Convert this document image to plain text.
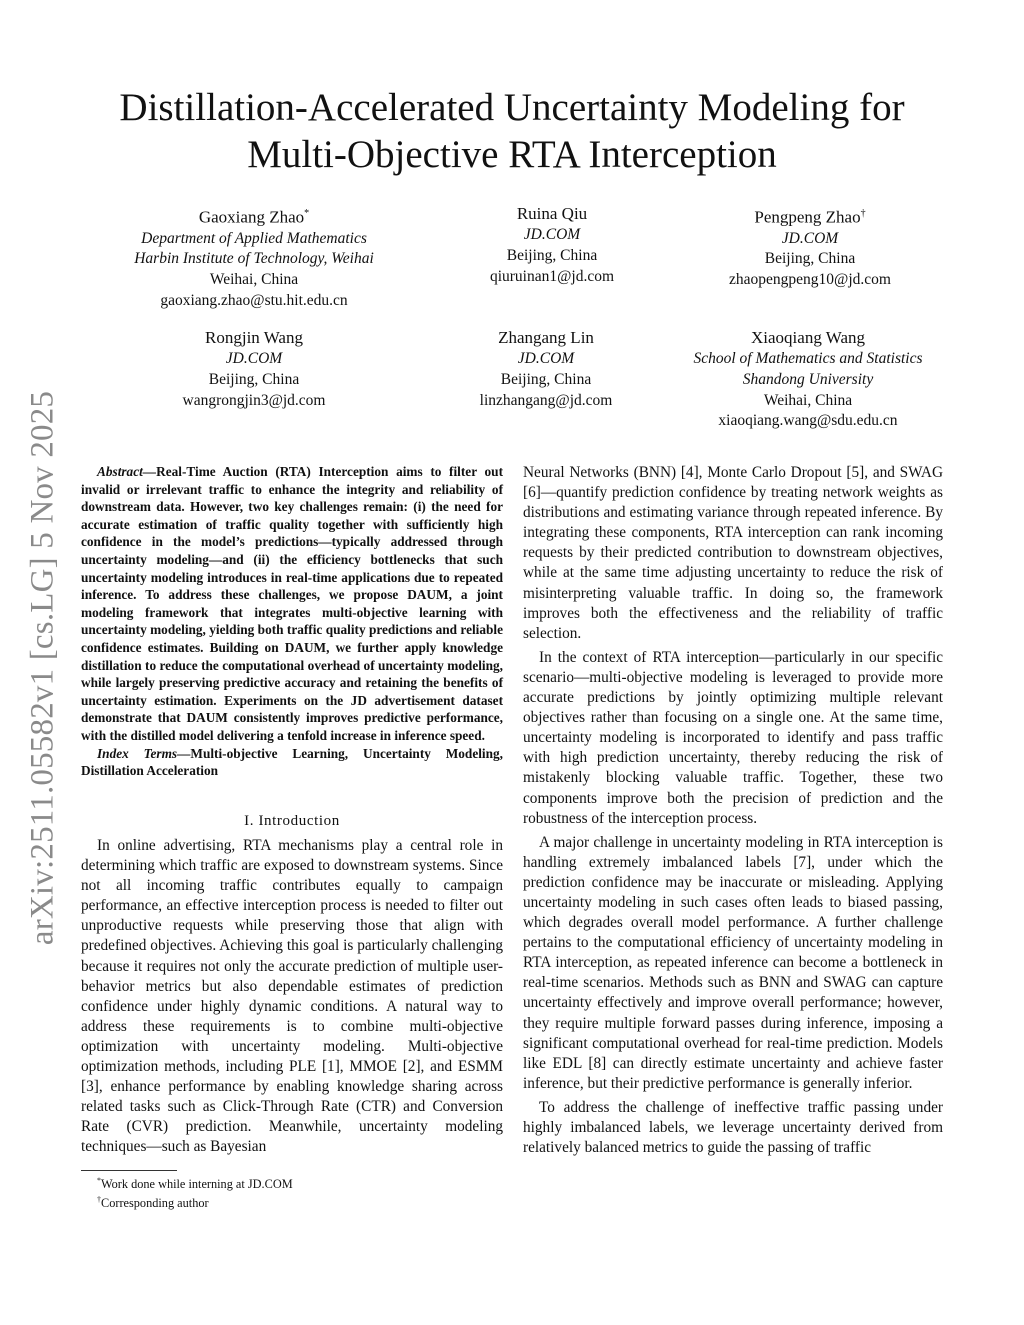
arXiv:2511.05582v1 [cs.LG] 5 Nov 2025
Distillation-Accelerated Uncertainty Modeling for
Multi-Objective RTA Interception
Gaoxiang Zhao*
Department of Applied Mathematics
Harbin Institute of Technology, Weihai
Weihai, China
gaoxiang.zhao@stu.hit.edu.cn
Ruina Qiu
JD.COM
Beijing, China
qiuruinan1@jd.com
Pengpeng Zhao†
JD.COM
Beijing, China
zhaopengpeng10@jd.com
Rongjin Wang
JD.COM
Beijing, China
wangrongjin3@jd.com
Zhangang Lin
JD.COM
Beijing, China
linzhangang@jd.com
Xiaoqiang Wang
School of Mathematics and Statistics
Shandong University
Weihai, China
xiaoqiang.wang@sdu.edu.cn

Abstract—Real-Time Auction (RTA) Interception aims to filter out invalid or irrelevant traffic to enhance the integrity and reliability of downstream data. However, two key challenges remain: (i) the need for accurate estimation of traffic quality together with sufficiently high confidence in the model’s predictions—typically addressed through uncertainty modeling—and (ii) the efficiency bottlenecks that such uncertainty modeling introduces in real-time applications due to repeated inference. To address these challenges, we propose DAUM, a joint modeling framework that integrates multi-objective learning with uncertainty modeling, yielding both traffic quality predictions and reliable confidence estimates. Building on DAUM, we further apply knowledge distillation to reduce the computational overhead of uncertainty modeling, while largely preserving predictive accuracy and retaining the benefits of uncertainty estimation. Experiments on the JD advertisement dataset demonstrate that DAUM consistently improves predictive performance, with the distilled model delivering a tenfold increase in inference speed.

Index Terms—Multi-objective Learning, Uncertainty Modeling, Distillation Acceleration

I. Introduction

In online advertising, RTA mechanisms play a central role in determining which traffic are exposed to downstream systems. Since not all incoming traffic contributes equally to campaign performance, an effective interception process is needed to filter out unproductive requests while preserving those that align with predefined objectives. Achieving this goal is particularly challenging because it requires not only the accurate prediction of multiple user-behavior metrics but also dependable estimates of prediction confidence under highly dynamic conditions. A natural way to address these requirements is to combine multi-objective optimization with uncertainty modeling. Multi-objective optimization methods, including PLE [1], MMOE [2], and ESMM [3], enhance performance by enabling knowledge sharing across related tasks such as Click-Through Rate (CTR) and Conversion Rate (CVR) prediction. Meanwhile, uncertainty modeling techniques—such as Bayesian

*Work done while interning at JD.COM

†Corresponding author

Neural Networks (BNN) [4], Monte Carlo Dropout [5], and SWAG [6]—quantify prediction confidence by treating network weights as distributions and estimating variance through repeated inference. By integrating these components, RTA interception can rank incoming requests by their predicted contribution to downstream objectives, while at the same time adjusting uncertainty to reduce the risk of misinterpreting valuable traffic. In doing so, the framework improves both the effectiveness and the reliability of traffic selection.

In the context of RTA interception—particularly in our specific scenario—multi-objective modeling is leveraged to provide more accurate predictions by jointly optimizing multiple relevant objectives rather than focusing on a single one. At the same time, uncertainty modeling is incorporated to identify and pass traffic with high prediction uncertainty, thereby reducing the risk of mistakenly blocking valuable traffic. Together, these two components improve both the precision of prediction and the robustness of the interception process.

A major challenge in uncertainty modeling in RTA interception is handling extremely imbalanced labels [7], under which the prediction confidence may be inaccurate or misleading. Applying uncertainty modeling in such cases often leads to biased passing, which degrades overall model performance. A further challenge pertains to the computational efficiency of uncertainty modeling in RTA interception, as repeated inference can become a bottleneck in real-time scenarios. Methods such as BNN and SWAG can capture uncertainty effectively and improve overall performance; however, they require multiple forward passes during inference, imposing a significant computational overhead for real-time prediction. Models like EDL [8] can directly estimate uncertainty and achieve faster inference, but their predictive performance is generally inferior.

To address the challenge of ineffective traffic passing under highly imbalanced labels, we leverage uncertainty derived from relatively balanced metrics to guide the passing of traffic
